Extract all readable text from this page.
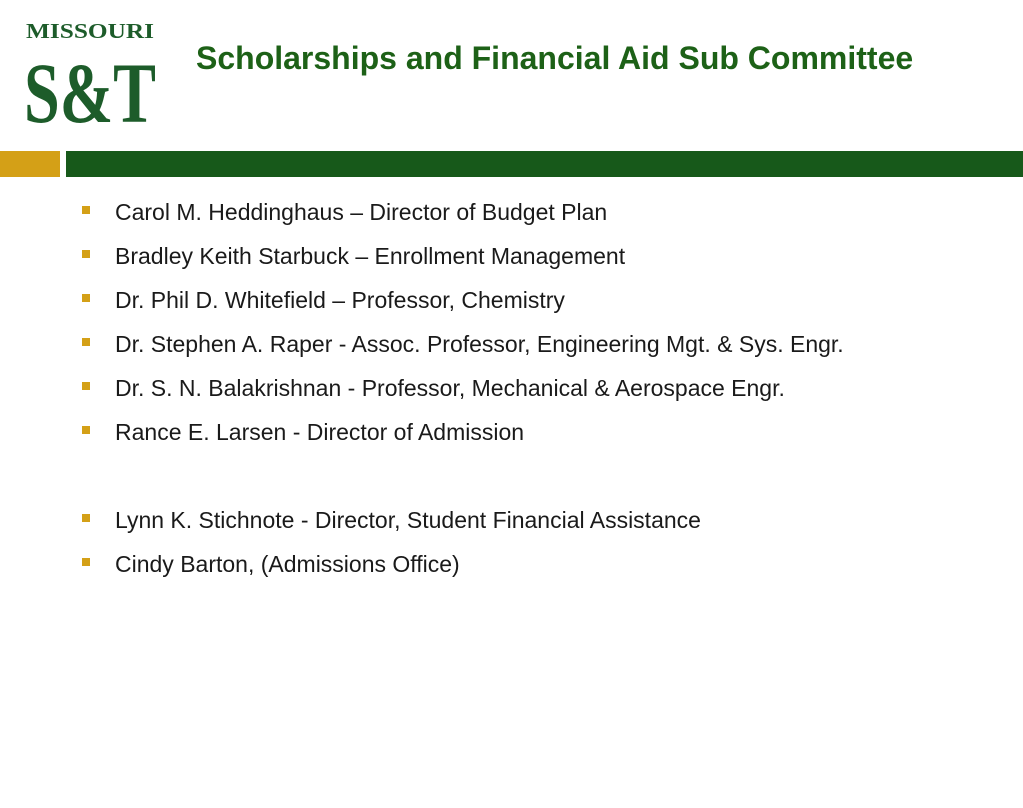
MISSOURI
S&T Scholarships and Financial Aid Sub Committee
Carol M. Heddinghaus – Director of Budget Plan
Bradley Keith Starbuck – Enrollment Management
Dr. Phil D. Whitefield – Professor, Chemistry
Dr. Stephen A. Raper - Assoc. Professor, Engineering Mgt. & Sys. Engr.
Dr. S. N. Balakrishnan - Professor, Mechanical & Aerospace Engr.
Rance E. Larsen - Director of Admission
Lynn K. Stichnote - Director, Student Financial Assistance
Cindy Barton, (Admissions Office)
